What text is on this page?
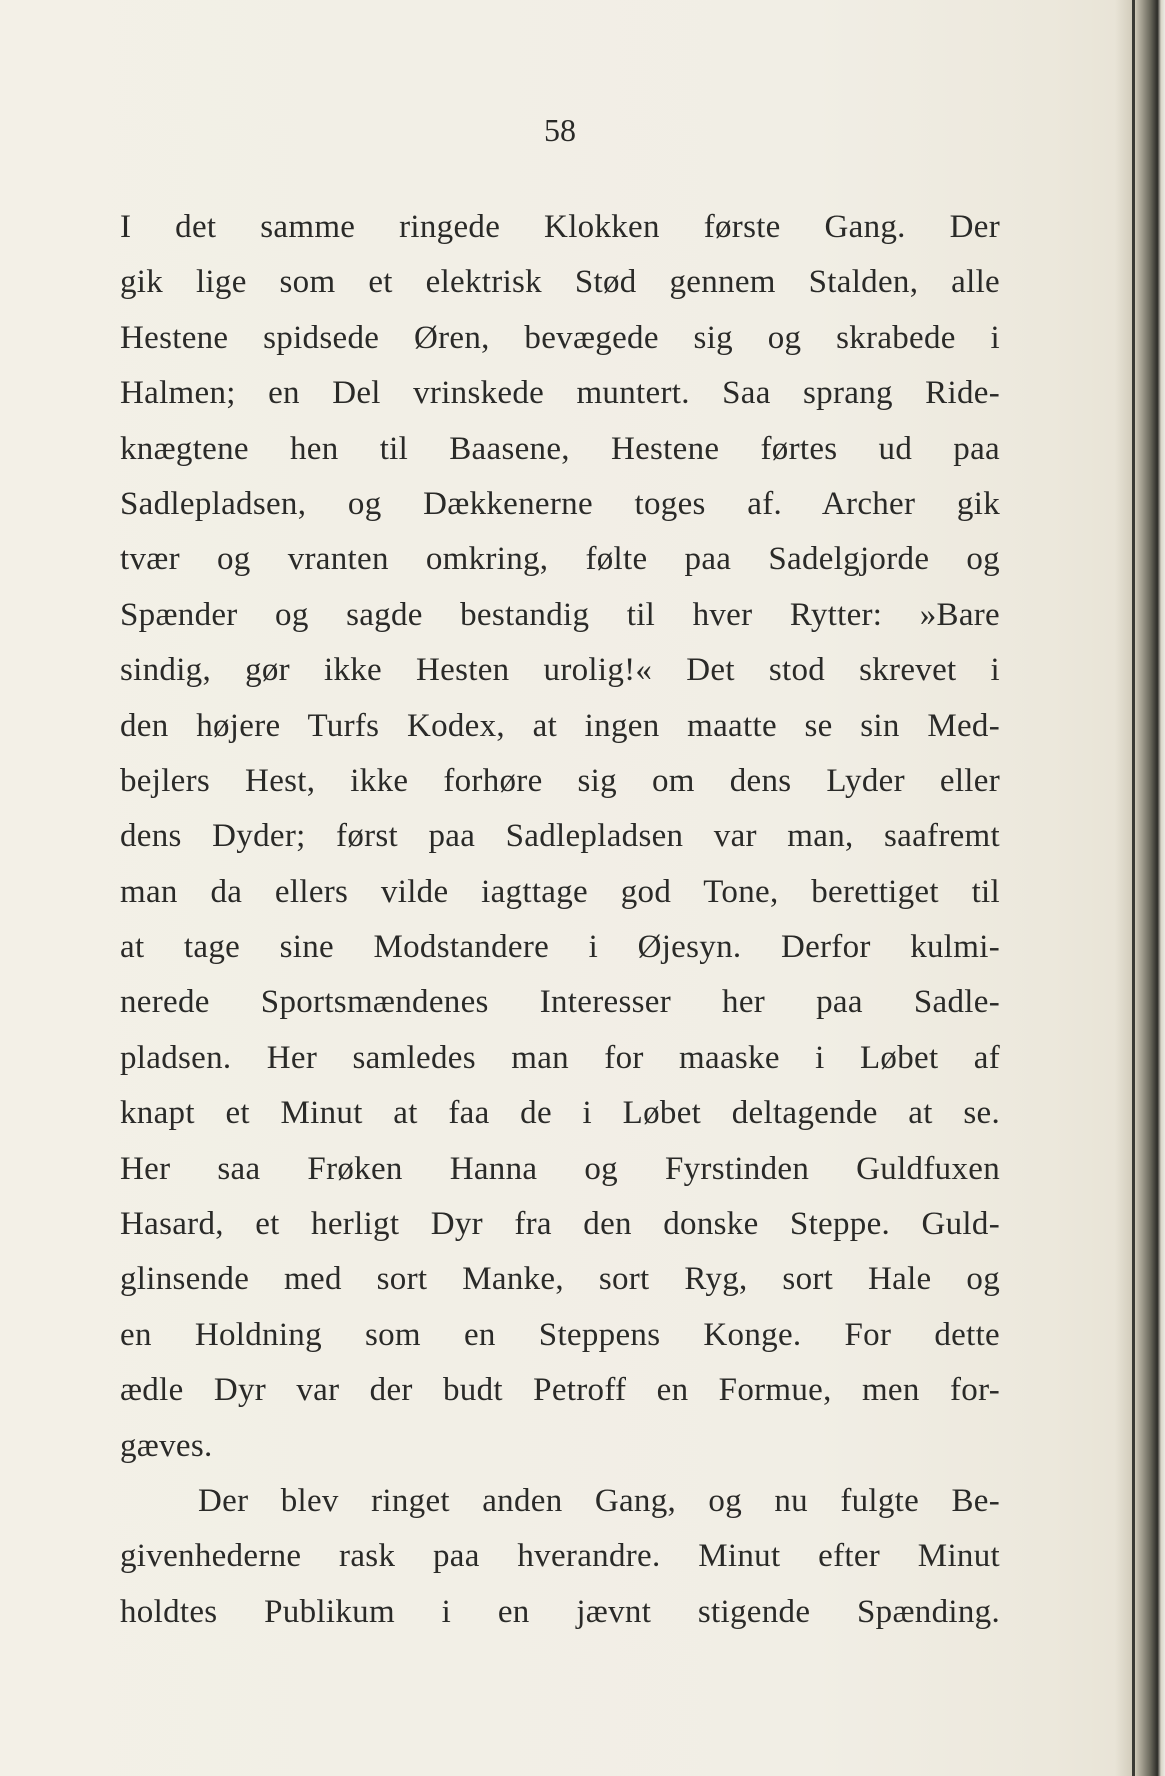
58
I det samme ringede Klokken første Gang. Der
gik lige som et elektrisk Stød gennem Stalden, alle
Hestene spidsede Øren, bevægede sig og skrabede i
Halmen; en Del vrinskede muntert. Saa sprang Ride-
knægtene hen til Baasene, Hestene førtes ud paa
Sadlepladsen, og Dækkenerne toges af. Archer gik
tvær og vranten omkring, følte paa Sadelgjorde og
Spænder og sagde bestandig til hver Rytter: »Bare
sindig, gør ikke Hesten urolig!« Det stod skrevet i
den højere Turfs Kodex, at ingen maatte se sin Med-
bejlers Hest, ikke forhøre sig om dens Lyder eller
dens Dyder; først paa Sadlepladsen var man, saafremt
man da ellers vilde iagttage god Tone, berettiget til
at tage sine Modstandere i Øjesyn. Derfor kulmi-
nerede Sportsmændenes Interesser her paa Sadle-
pladsen. Her samledes man for maaske i Løbet af
knapt et Minut at faa de i Løbet deltagende at se.
Her saa Frøken Hanna og Fyrstinden Guldfuxen
Hasard, et herligt Dyr fra den donske Steppe. Guld-
glinsende med sort Manke, sort Ryg, sort Hale og
en Holdning som en Steppens Konge. For dette
ædle Dyr var der budt Petroff en Formue, men for-
gæves.
Der blev ringet anden Gang, og nu fulgte Be-
givenhederne rask paa hverandre. Minut efter Minut
holdtes Publikum i en jævnt stigende Spænding.
